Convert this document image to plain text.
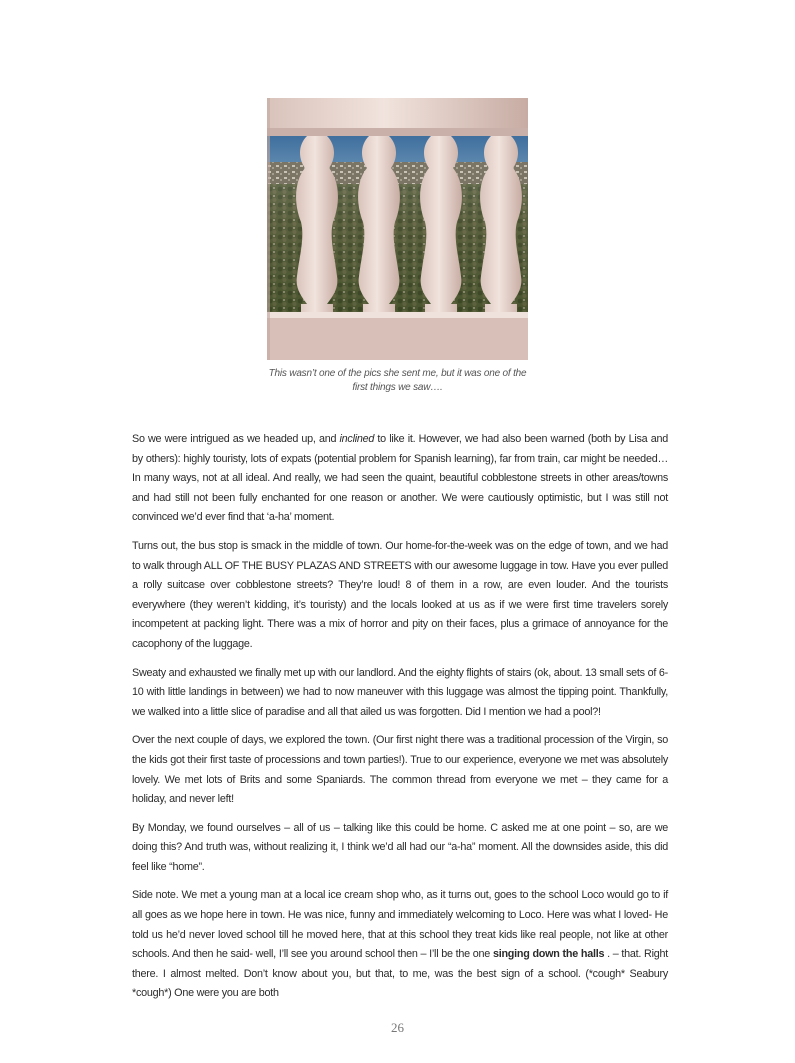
This wasn’t one of the pics she sent me, but it was one of the first things we saw….

So we were intrigued as we headed up, and inclined to like it. However, we had also been warned (both by Lisa and by others): highly touristy, lots of expats (potential problem for Spanish learning), far from train, car might be needed… In many ways, not at all ideal. And really, we had seen the quaint, beautiful cobblestone streets in other areas/towns and had still not been fully enchanted for one reason or another. We were cautiously optimistic, but I was still not convinced we’d ever find that ‘a-ha’ moment.

Turns out, the bus stop is smack in the middle of town. Our home-for-the-week was on the edge of town, and we had to walk through ALL OF THE BUSY PLAZAS AND STREETS with our awesome luggage in tow. Have you ever pulled a rolly suitcase over cobblestone streets? They’re loud! 8 of them in a row, are even louder. And the tourists everywhere (they weren’t kidding, it’s touristy) and the locals looked at us as if we were first time travelers sorely incompetent at packing light. There was a mix of horror and pity on their faces, plus a grimace of annoyance for the cacophony of the luggage.

Sweaty and exhausted we finally met up with our landlord. And the eighty flights of stairs (ok, about. 13 small sets of 6-10 with little landings in between) we had to now maneuver with this luggage was almost the tipping point. Thankfully, we walked into a little slice of paradise and all that ailed us was forgotten. Did I mention we had a pool?!

Over the next couple of days, we explored the town. (Our first night there was a traditional procession of the Virgin, so the kids got their first taste of processions and town parties!). True to our experience, everyone we met was absolutely lovely. We met lots of Brits and some Spaniards. The common thread from everyone we met – they came for a holiday, and never left!

By Monday, we found ourselves – all of us – talking like this could be home. C asked me at one point – so, are we doing this? And truth was, without realizing it, I think we’d all had our “a-ha” moment. All the downsides aside, this did feel like “home”.

Side note. We met a young man at a local ice cream shop who, as it turns out, goes to the school Loco would go to if all goes as we hope here in town. He was nice, funny and immediately welcoming to Loco. Here was what I loved- He told us he’d never loved school till he moved here, that at this school they treat kids like real people, not like at other schools. And then he said- well, I’ll see you around school then – I’ll be the one singing down the halls . – that. Right there. I almost melted. Don’t know about you, but that, to me, was the best sign of a school. (*cough* Seabury *cough*) One were you are both

26
